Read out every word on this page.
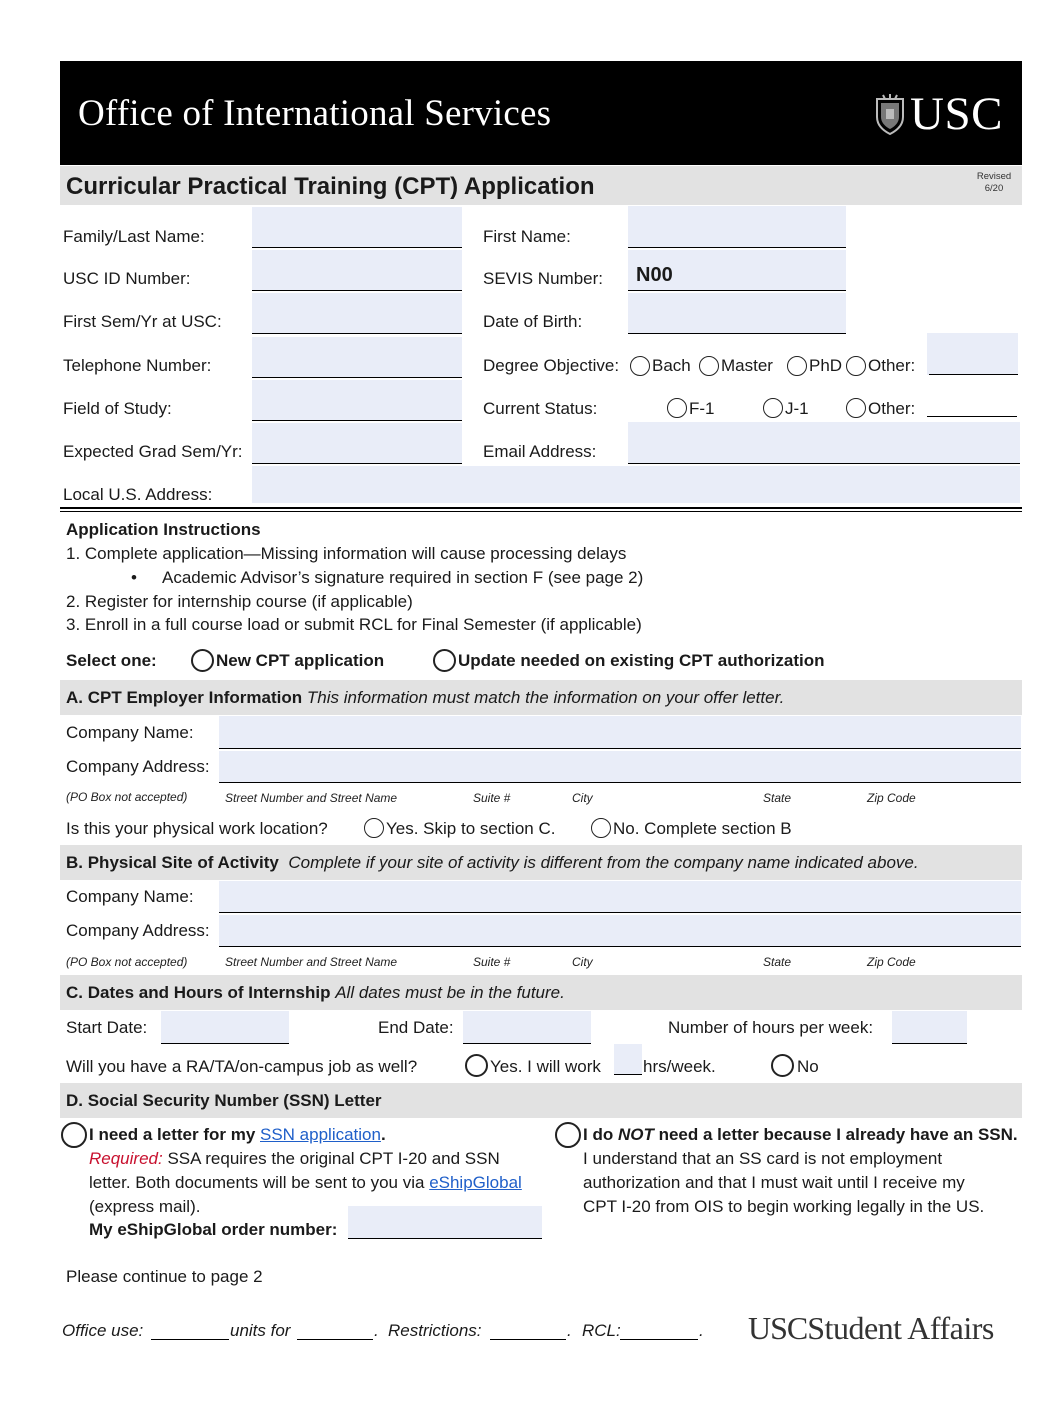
Office of International Services	USC
Curricular Practical Training (CPT) Application	Revised
6/20
Family/Last Name:	First Name:
USC ID Number:	SEVIS Number: N00
First Sem/Yr at USC:	Date of Birth:
Telephone Number:	Degree Objective: Bach Master PhD Other:
Field of Study:	Current Status:	F-1	J-1	Other:
Expected Grad Sem/Yr:	Email Address:
Local U.S. Address:
Application Instructions
1. Complete application—Missing information will cause processing delays
• Academic Advisor’s signature required in section F (see page 2)
2. Register for internship course (if applicable)
3. Enroll in a full course load or submit RCL for Final Semester (if applicable)
Select one:	New CPT application	Update needed on existing CPT authorization
A. CPT Employer Information This information must match the information on your offer letter.
Company Name:
Company Address:
(PO Box not accepted)	Street Number and Street Name	Suite #	City	State	Zip Code
Is this your physical work location?	Yes. Skip to section C.	No. Complete section B
B. Physical Site of Activity Complete if your site of activity is different from the company name indicated above.
Company Name:
Company Address:
(PO Box not accepted)	Street Number and Street Name	Suite #	City	State	Zip Code
C. Dates and Hours of Internship All dates must be in the future.
Start Date:	End Date:	Number of hours per week:
Will you have a RA/TA/on-campus job as well?	Yes. I will work hrs/week.	No
D. Social Security Number (SSN) Letter
I need a letter for my SSN application.
Required: SSA requires the original CPT I-20 and SSN
letter. Both documents will be sent to you via eShipGlobal
(express mail).
My eShipGlobal order number:
I do NOT need a letter because I already have an SSN.
I understand that an SS card is not employment
authorization and that I must wait until I receive my
CPT I-20 from OIS to begin working legally in the US.
Please continue to page 2
Office use:	units for	. Restrictions:	. RCL:	. USCStudent Affairs
